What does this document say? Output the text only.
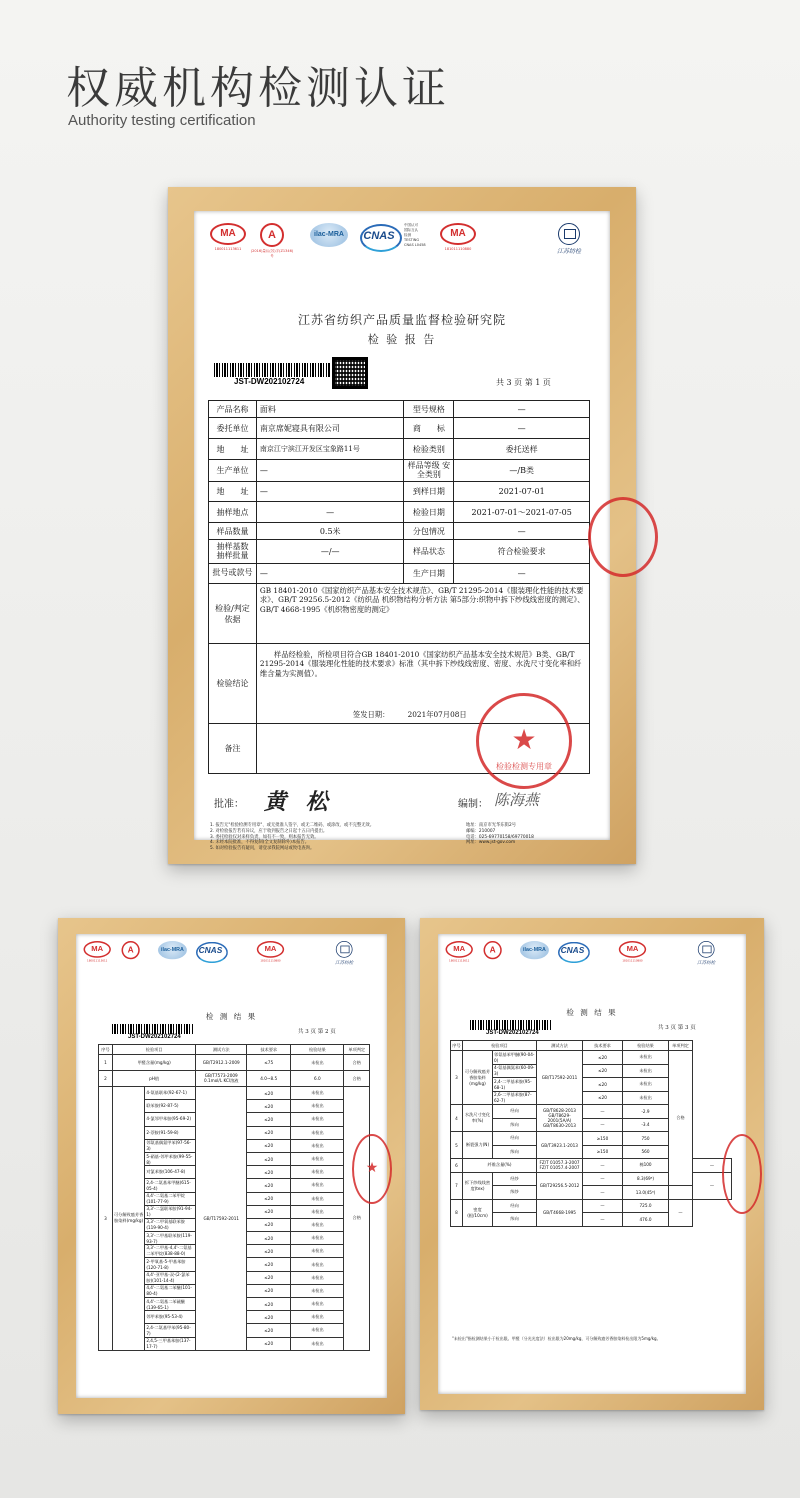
权威机构检测认证
Authority testing certification
MA
180011113611
A
(2016)量认(苏)字(Z1346)号
ilac-MRA	CNAS
中国认可
国际互认
检测
TESTING
CNAS L0458
MA
181011110880	江苏纺检
江苏省纺织产品质量监督检验研究院
检 验 报 告
JST-DW202102724	共 3 页 第 1 页
产品名称	面料	型号规格	—
委托单位	南京席妮寝具有限公司	商　　标	—
地　　址	南京江宁滨江开发区宝象路11号	检验类别	委托送样
生产单位	—	样品等级 安全类别	—/B类
地　　址	—	到样日期	2021-07-01
抽样地点	—	检验日期	2021-07-01～2021-07-05
样品数量	0.5米	分包情况	—
抽样基数 抽样批量	—/—	样品状态	符合检验要求
批号或款号	—	生产日期	—
检验/判定 依据	GB 18401-2010《国家纺织产品基本安全技术规范》、GB/T 21295-2014《服装理化性能的技术要求》、GB/T 29256.5-2012《纺织品 机织物结构分析方法 第5部分:织物中拆下纱线线密度的测定》、GB/T 4668-1995《机织物密度的测定》		
检验结论	样品经检验，所检项目符合GB 18401-2010《国家纺织产品基本安全技术规范》B类、GB/T 21295-2014《服装理化性能的技术要求》标准（其中拆下纱线线密度、密度、水洗尺寸变化率和纤维含量为实测值）。
签发日期：　　　2021年07月08日		

备注				★
检验检测专用章
批准： 黄 松	编制： 陈海燕
1. 报告无"检验检测专用章"、或无批准人签字、或无二维码、或涂改、或不完整无效。
2. 对检验报告若有异议，应于收到报告之日起十五日内提出。
3. 委托检验仅对来样负责，如有不一致，则本报告无效。
4. 未经本院批准，不得复制(全文复制除外)本报告。
5. 如对检验报告有疑问，请登录我院网站或致电查询。
地址：南京市光华东街2号
邮编：210007
电话：025-69770158/69770018
网址：www.jst-gov.com
MA
180011113611
A	ilac-MRA	CNAS	MA
181011110880	江苏纺检
检 测 结 果
JST-DW202102724
共 3 页 第 2 页
序号	检验项目		测试方法	技术要求	检验结果	单项判定
1	甲醛含量(mg/kg)		GB/T2912.1-2009	≤75	未检出	合格
2	pH值		GB/T7573-2009 0.1mol/L KCl溶液	4.0~8.5	6.0	合格
3	可分解致癌芳香胺染料(mg/kg)	4-氨基联苯(92-67-1)	GB/T17592-2011	≤20	未检出	合格
		联苯胺(92-87-5)		≤20	未检出	
		4-氯邻甲苯胺(95-69-2)		≤20	未检出	
		2-萘胺(91-59-8)		≤20	未检出	
		邻氨基偶氮甲苯(97-56-3)		≤20	未检出	
		5-硝基-邻甲苯胺(99-55-8)		≤20	未检出	
		对氯苯胺(106-47-8)		≤20	未检出	
		2,4-二氨基苯甲醚(615-05-4)		≤20	未检出	
		4,4'-二氨基二苯甲烷(101-77-9)		≤20	未检出	
		3,3'-二氯联苯胺(91-94-1)		≤20	未检出	
		3,3'-二甲氧基联苯胺(119-90-4)		≤20	未检出	
		3,3'-二甲基联苯胺(119-93-7)		≤20	未检出	
		3,3'-二甲基-4,4'-二氨基二苯甲烷(838-88-0)		≤20	未检出	
		2-甲氧基-5-甲基苯胺(120-71-8)		≤20	未检出	
		4,4'-亚甲基-双-(2-氯苯胺)(101-14-4)		≤20	未检出	
		4,4'-二氨基二苯醚(101-80-4)		≤20	未检出	
		4,4'-二氨基二苯硫醚(139-65-1)		≤20	未检出	
		邻甲苯胺(95-53-4)		≤20	未检出	
		2,4-二氨基甲苯(95-80-7)		≤20	未检出	
		2,4,5-三甲基苯胺(137-17-7)		≤20	未检出	
★
MA
180011113611
A	ilac-MRA	CNAS	MA
181011110880	江苏纺检
检 测 结 果
JST-DW202102724
共 3 页 第 3 页
序号	检验项目		测试方法	技术要求	检验结果	单项判定	
3	可分解致癌芳香胺染料(mg/kg)	邻氨基苯甲醚(90-04-0)	GB/T17592-2011	≤20	未检出	合格	
		4-氨基偶氮苯(60-09-3)		≤20	未检出		
		2,4-二甲基苯胺(95-68-1)		≤20	未检出		
		2,6-二甲基苯胺(87-62-7)		≤20	未检出		
4	水洗尺寸变化率(%)	经向	GB/T8628-2013 GB/T8629-2001(5A/A) GB/T8630-2013	—	-2.9		
		纬向		—	-3.4		
5	断裂强力(N)	经向	GB/T3923.1-2013	≥150	750		
		纬向		≥150	560		
6	纤维含量(%)		FZ/T 01057.3-2007 FZ/T 01057.4-2007	—	棉100		—
7	拆下纱线线密度(tex)	经纱	GB/T29256.5-2012	—	8.3(69⁸)		—
		纬纱		—	13.0(45⁸)		
8	密度(根/10cm)	经向	GB/T4668-1995	—	725.0	—	
		纬向		—	476.0		
"未检出"指检测结果小于检出限。甲醛（分光光度法）检出限为20mg/kg，可分解致癌芳香胺染料检出限为5mg/kg。
